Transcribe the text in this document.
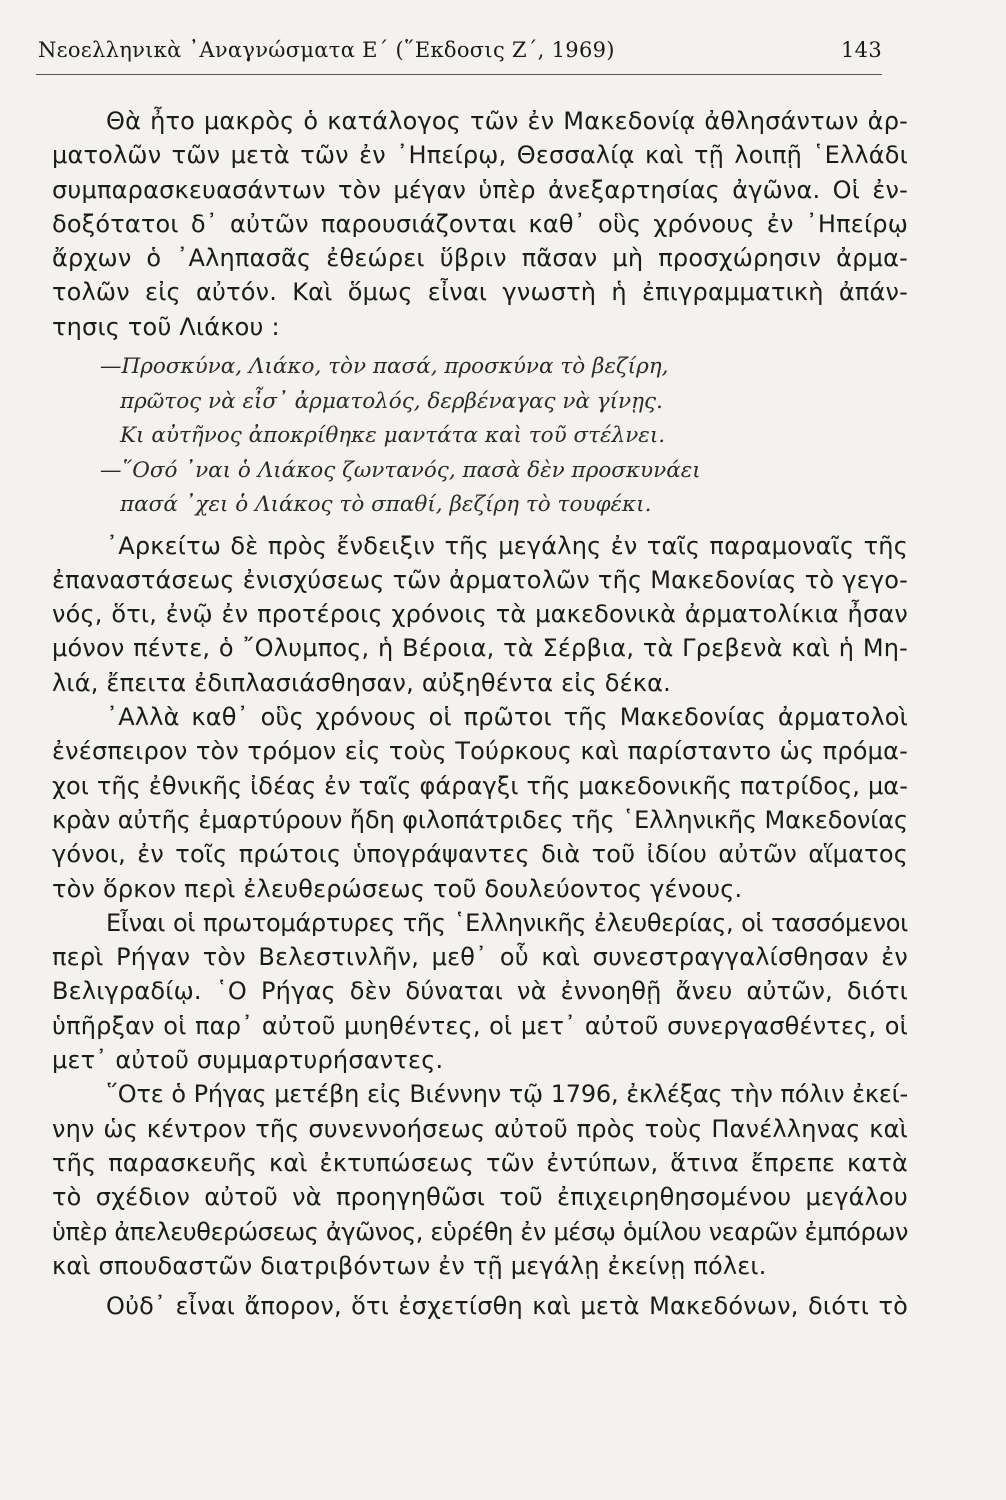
Νεοελληνικὰ ᾿Αναγνώσματα Ε΄ (῞Εκδοσις Ζ΄, 1969)	143
Θὰ ἦτο μακρὸς ὁ κατάλογος τῶν ἐν Μακεδονίᾳ ἀθλησάντων ἀρ-
ματολῶν τῶν μετὰ τῶν ἐν ᾿Ηπείρῳ, Θεσσαλίᾳ καὶ τῇ λοιπῇ ῾Ελλάδι
συμπαρασκευασάντων τὸν μέγαν ὑπὲρ ἀνεξαρτησίας ἀγῶνα. Οἱ ἐν-
δοξότατοι δ᾿ αὐτῶν παρουσιάζονται καθ᾿ οὓς χρόνους ἐν ᾿Ηπείρῳ
ἄρχων ὁ ᾿Αληπασᾶς ἐθεώρει ὕβριν πᾶσαν μὴ προσχώρησιν ἀρμα-
τολῶν εἰς αὐτόν. Καὶ ὅμως εἶναι γνωστὴ ἡ ἐπιγραμματικὴ ἀπάν-
τησις τοῦ Λιάκου :
—Προσκύνα, Λιάκο, τὸν πασά, προσκύνα τὸ βεζίρη,
πρῶτος νὰ εἶσ᾿ ἀρματολός, δερβέναγας νὰ γίνῃς.
Κι αὐτῆνος ἀποκρίθηκε μαντάτα καὶ τοῦ στέλνει.
—῞Οσό ᾿ναι ὁ Λιάκος ζωντανός, πασὰ δὲν προσκυνάει
πασά ᾿χει ὁ Λιάκος τὸ σπαθί, βεζίρη τὸ τουφέκι.
᾿Αρκείτω δὲ πρὸς ἔνδειξιν τῆς μεγάλης ἐν ταῖς παραμοναῖς τῆς
ἐπαναστάσεως ἐνισχύσεως τῶν ἀρματολῶν τῆς Μακεδονίας τὸ γεγο-
νός, ὅτι, ἐνῷ ἐν προτέροις χρόνοις τὰ μακεδονικὰ ἀρματολίκια ἦσαν
μόνον πέντε, ὁ ῎Ολυμπος, ἡ Βέροια, τὰ Σέρβια, τὰ Γρεβενὰ καὶ ἡ Μη-
λιά, ἔπειτα ἐδιπλασιάσθησαν, αὐξηθέντα εἰς δέκα.
᾿Αλλὰ καθ᾿ οὓς χρόνους οἱ πρῶτοι τῆς Μακεδονίας ἀρματολοὶ
ἐνέσπειρον τὸν τρόμον εἰς τοὺς Τούρκους καὶ παρίσταντο ὡς πρόμα-
χοι τῆς ἐθνικῆς ἰδέας ἐν ταῖς φάραγξι τῆς μακεδονικῆς πατρίδος, μα-
κρὰν αὐτῆς ἐμαρτύρουν ἤδη φιλοπάτριδες τῆς ῾Ελληνικῆς Μακεδονίας
γόνοι, ἐν τοῖς πρώτοις ὑπογράψαντες διὰ τοῦ ἰδίου αὐτῶν αἵματος
τὸν ὅρκον περὶ ἐλευθερώσεως τοῦ δουλεύοντος γένους.
Εἶναι οἱ πρωτομάρτυρες τῆς ῾Ελληνικῆς ἐλευθερίας, οἱ τασσόμενοι
περὶ Ρήγαν τὸν Βελεστινλῆν, μεθ᾿ οὗ καὶ συνεστραγγαλίσθησαν ἐν
Βελιγραδίῳ. ῾Ο Ρήγας δὲν δύναται νὰ ἐννοηθῇ ἄνευ αὐτῶν, διότι
ὑπῆρξαν οἱ παρ᾿ αὐτοῦ μυηθέντες, οἱ μετ᾿ αὐτοῦ συνεργασθέντες, οἱ
μετ᾿ αὐτοῦ συμμαρτυρήσαντες.
῞Οτε ὁ Ρήγας μετέβη εἰς Βιέννην τῷ 1796, ἐκλέξας τὴν πόλιν ἐκεί-
νην ὡς κέντρον τῆς συνεννοήσεως αὐτοῦ πρὸς τοὺς Πανέλληνας καὶ
τῆς παρασκευῆς καὶ ἐκτυπώσεως τῶν ἐντύπων, ἅτινα ἔπρεπε κατὰ
τὸ σχέδιον αὐτοῦ νὰ προηγηθῶσι τοῦ ἐπιχειρηθησομένου μεγάλου
ὑπὲρ ἀπελευθερώσεως ἀγῶνος, εὑρέθη ἐν μέσῳ ὁμίλου νεαρῶν ἐμπόρων
καὶ σπουδαστῶν διατριβόντων ἐν τῇ μεγάλῃ ἐκείνῃ πόλει.
Οὐδ᾿ εἶναι ἄπορον, ὅτι ἐσχετίσθη καὶ μετὰ Μακεδόνων, διότι τὸ
